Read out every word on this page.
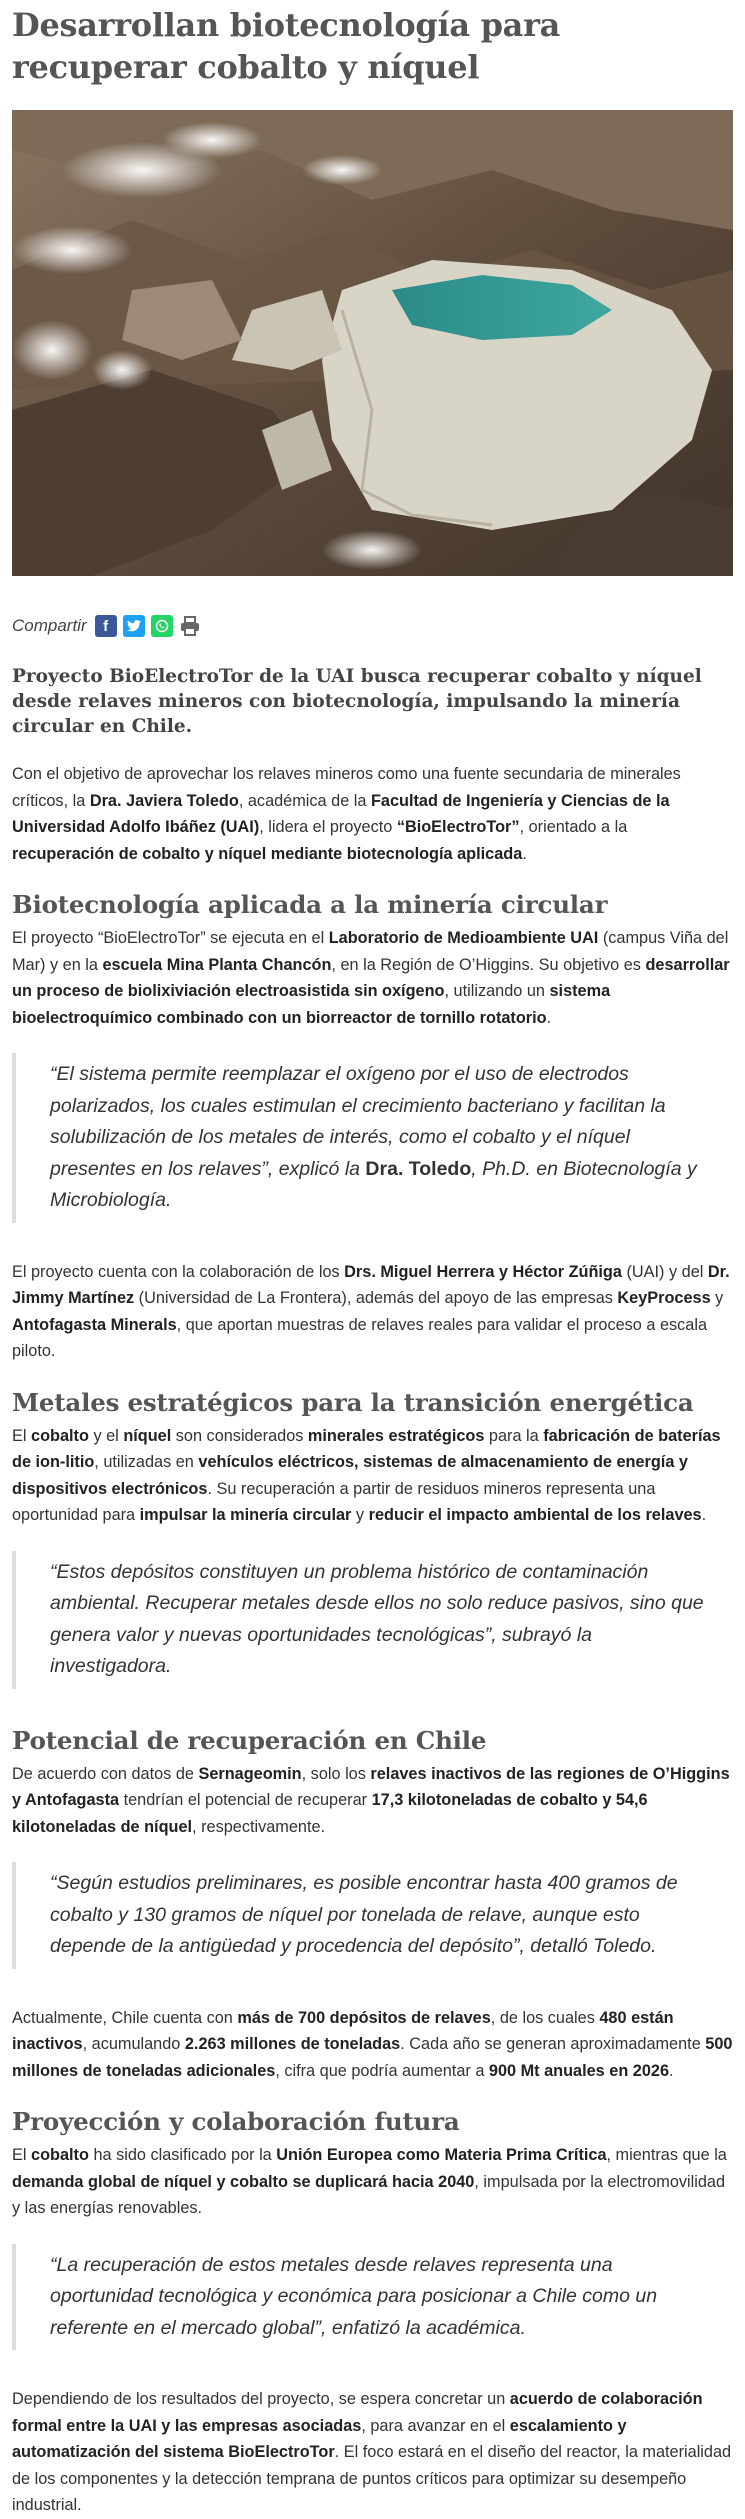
Desarrollan biotecnología para recuperar cobalto y níquel
Compartir	f

Proyecto BioElectroTor de la UAI busca recuperar cobalto y níquel desde relaves mineros con biotecnología, impulsando la minería circular en Chile.

Con el objetivo de aprovechar los relaves mineros como una fuente secundaria de minerales críticos, la Dra. Javiera Toledo, académica de la Facultad de Ingeniería y Ciencias de la Universidad Adolfo Ibáñez (UAI), lidera el proyecto “BioElectroTor”, orientado a la recuperación de cobalto y níquel mediante biotecnología aplicada.

Biotecnología aplicada a la minería circular

El proyecto “BioElectroTor” se ejecuta en el Laboratorio de Medioambiente UAI (campus Viña del Mar) y en la escuela Mina Planta Chancón, en la Región de O’Higgins. Su objetivo es desarrollar un proceso de biolixiviación electroasistida sin oxígeno, utilizando un sistema bioelectroquímico combinado con un biorreactor de tornillo rotatorio.

“El sistema permite reemplazar el oxígeno por el uso de electrodos polarizados, los cuales estimulan el crecimiento bacteriano y facilitan la solubilización de los metales de interés, como el cobalto y el níquel presentes en los relaves”, explicó la Dra. Toledo, Ph.D. en Biotecnología y Microbiología.

El proyecto cuenta con la colaboración de los Drs. Miguel Herrera y Héctor Zúñiga (UAI) y del Dr. Jimmy Martínez (Universidad de La Frontera), además del apoyo de las empresas KeyProcess y Antofagasta Minerals, que aportan muestras de relaves reales para validar el proceso a escala piloto.

Metales estratégicos para la transición energética

El cobalto y el níquel son considerados minerales estratégicos para la fabricación de baterías de ion-litio, utilizadas en vehículos eléctricos, sistemas de almacenamiento de energía y dispositivos electrónicos. Su recuperación a partir de residuos mineros representa una oportunidad para impulsar la minería circular y reducir el impacto ambiental de los relaves.

“Estos depósitos constituyen un problema histórico de contaminación ambiental. Recuperar metales desde ellos no solo reduce pasivos, sino que genera valor y nuevas oportunidades tecnológicas”, subrayó la investigadora.
Potencial de recuperación en Chile

De acuerdo con datos de Sernageomin, solo los relaves inactivos de las regiones de O’Higgins y Antofagasta tendrían el potencial de recuperar 17,3 kilotoneladas de cobalto y 54,6 kilotoneladas de níquel, respectivamente.

“Según estudios preliminares, es posible encontrar hasta 400 gramos de cobalto y 130 gramos de níquel por tonelada de relave, aunque esto depende de la antigüedad y procedencia del depósito”, detalló Toledo.

Actualmente, Chile cuenta con más de 700 depósitos de relaves, de los cuales 480 están inactivos, acumulando 2.263 millones de toneladas. Cada año se generan aproximadamente 500 millones de toneladas adicionales, cifra que podría aumentar a 900 Mt anuales en 2026.

Proyección y colaboración futura

El cobalto ha sido clasificado por la Unión Europea como Materia Prima Crítica, mientras que la demanda global de níquel y cobalto se duplicará hacia 2040, impulsada por la electromovilidad y las energías renovables.

“La recuperación de estos metales desde relaves representa una oportunidad tecnológica y económica para posicionar a Chile como un referente en el mercado global”, enfatizó la académica.

Dependiendo de los resultados del proyecto, se espera concretar un acuerdo de colaboración formal entre la UAI y las empresas asociadas, para avanzar en el escalamiento y automatización del sistema BioElectroTor. El foco estará en el diseño del reactor, la materialidad de los componentes y la detección temprana de puntos críticos para optimizar su desempeño industrial.
